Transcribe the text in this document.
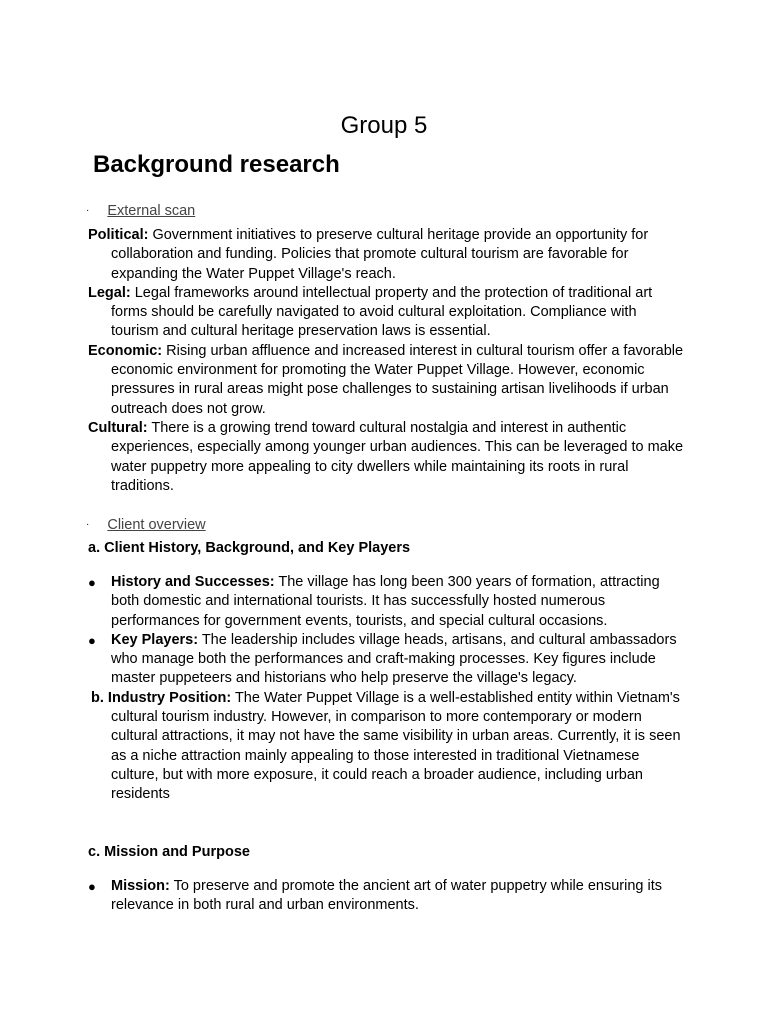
Group 5
Background research
· External scan

Political: Government initiatives to preserve cultural heritage provide an opportunity for collaboration and funding. Policies that promote cultural tourism are favorable for expanding the Water Puppet Village's reach.

Legal: Legal frameworks around intellectual property and the protection of traditional art forms should be carefully navigated to avoid cultural exploitation. Compliance with tourism and cultural heritage preservation laws is essential.

Economic: Rising urban affluence and increased interest in cultural tourism offer a favorable economic environment for promoting the Water Puppet Village. However, economic pressures in rural areas might pose challenges to sustaining artisan livelihoods if urban outreach does not grow.

Cultural: There is a growing trend toward cultural nostalgia and interest in authentic experiences, especially among younger urban audiences. This can be leveraged to make water puppetry more appealing to city dwellers while maintaining its roots in rural traditions.

· Client overview
a. Client History, Background, and Key Players
● History and Successes: The village has long been 300 years of formation, attracting both domestic and international tourists. It has successfully hosted numerous performances for government events, tourists, and special cultural occasions.
● Key Players: The leadership includes village heads, artisans, and cultural ambassadors who manage both the performances and craft-making processes. Key figures include master puppeteers and historians who help preserve the village's legacy.

b. Industry Position: The Water Puppet Village is a well-established entity within Vietnam's cultural tourism industry. However, in comparison to more contemporary or modern cultural attractions, it may not have the same visibility in urban areas. Currently, it is seen as a niche attraction mainly appealing to those interested in traditional Vietnamese culture, but with more exposure, it could reach a broader audience, including urban residents

c. Mission and Purpose
● Mission: To preserve and promote the ancient art of water puppetry while ensuring its relevance in both rural and urban environments.
